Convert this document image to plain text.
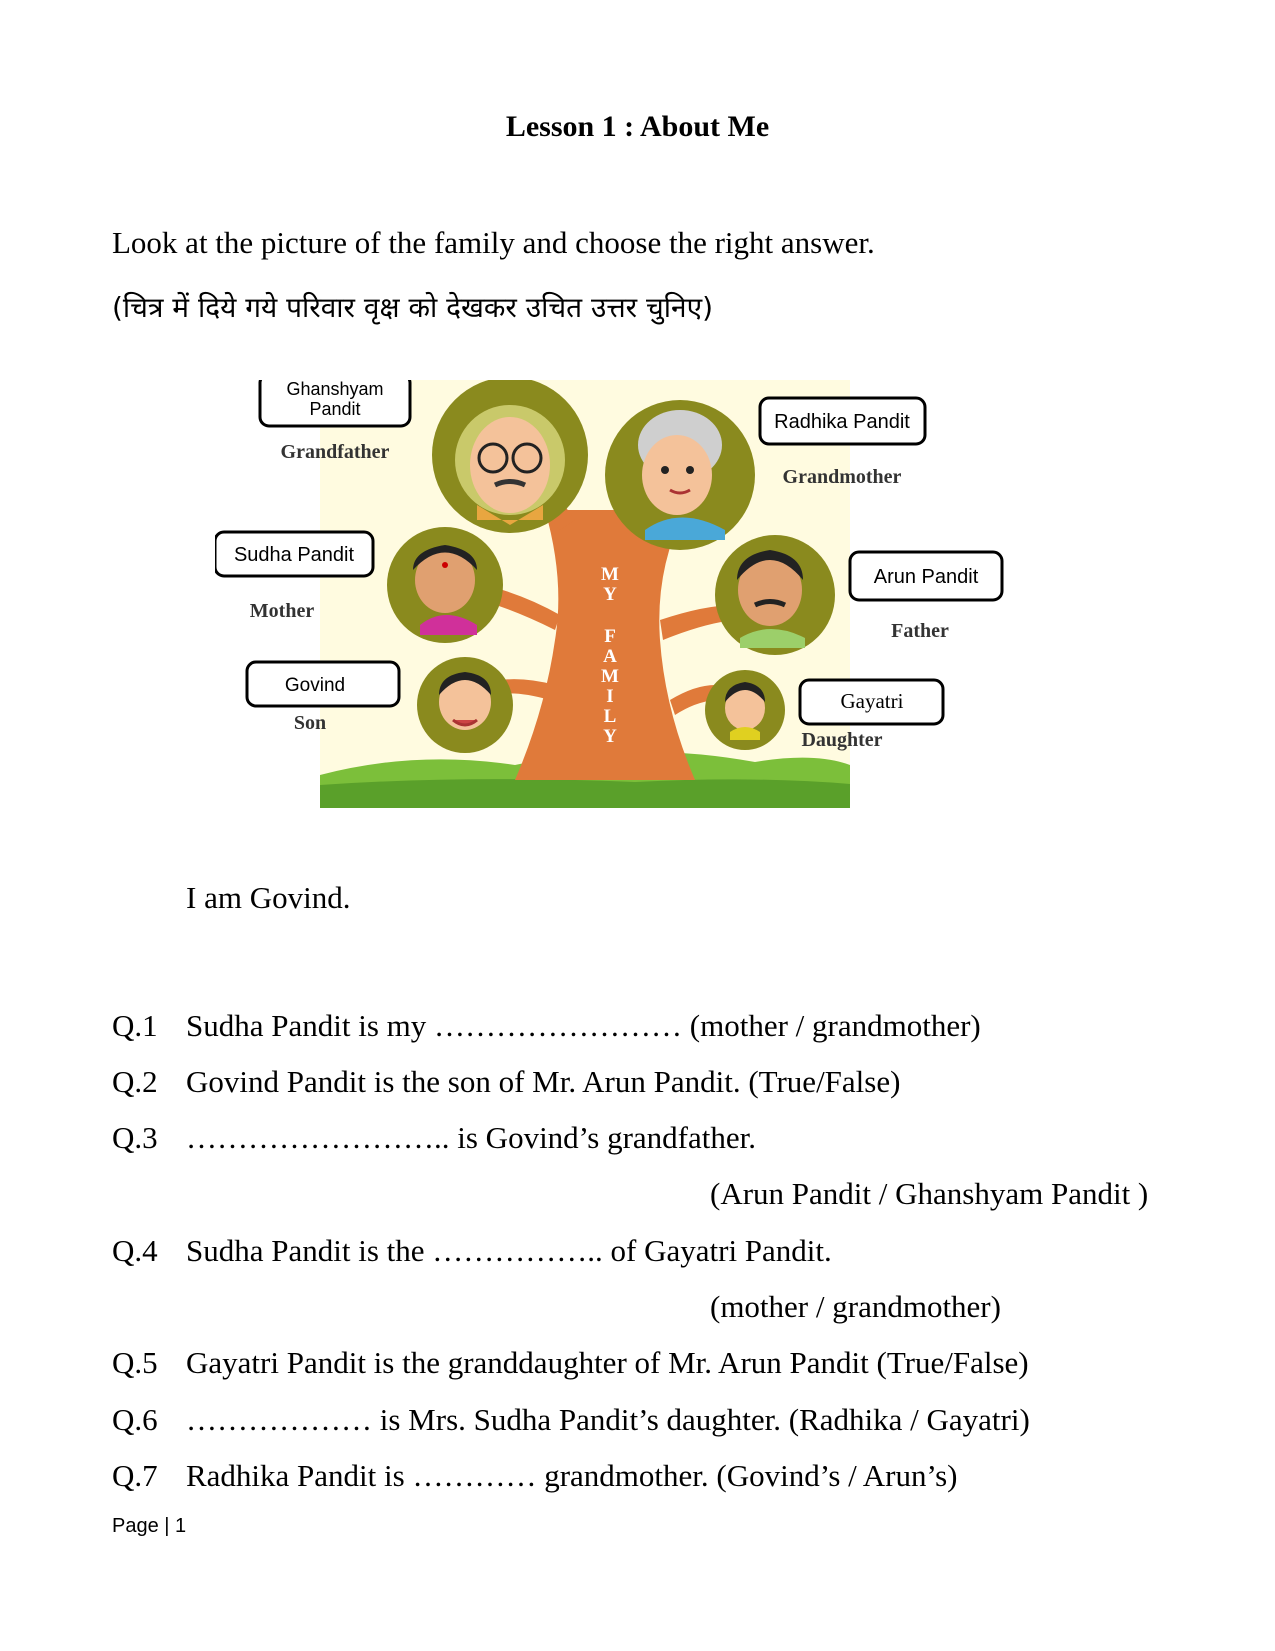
Lesson 1 : About Me
Look at the picture of the family and choose the right answer.
(चित्र में दिये गये परिवार वृक्ष को देखकर उचित उत्तर चुनिए)
M Y F A M I L Y
Ghanshyam
Pandit
Grandfather
Radhika Pandit
Grandmother
Sudha Pandit
Mother
Arun Pandit
Father
Govind
Son
Gayatri
Daughter
I am Govind.
Q.1 Sudha Pandit is my …………………… (mother / grandmother)
Q.2 Govind Pandit is the son of Mr. Arun Pandit. (True/False)
Q.3 …………………….. is Govind’s grandfather.
(Arun Pandit / Ghanshyam Pandit )
Q.4 Sudha Pandit is the …………….. of Gayatri Pandit.
(mother / grandmother)
Q.5 Gayatri Pandit is the granddaughter of Mr. Arun Pandit (True/False)
Q.6 ……………… is Mrs. Sudha Pandit’s daughter. (Radhika / Gayatri)
Q.7 Radhika Pandit is ………… grandmother. (Govind’s / Arun’s)
Page | 1
